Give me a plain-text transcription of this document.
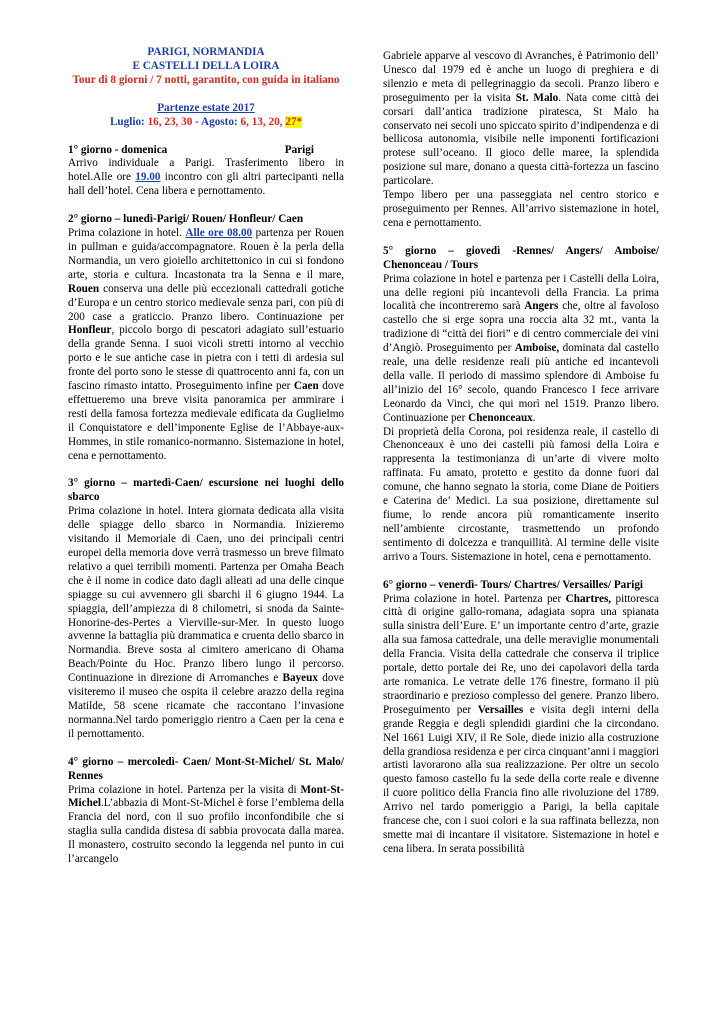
PARIGI, NORMANDIA

E CASTELLI DELLA LOIRA

Tour di 8 giorni / 7 notti, garantito, con guida in italiano

Partenze estate 2017

Luglio: 16, 23, 30 - Agosto: 6, 13, 20, 27*

1° giorno - domenica	Parigi

Arrivo individuale a Parigi. Trasferimento libero in hotel.Alle ore 19.00 incontro con gli altri partecipanti nella hall dell’hotel. Cena libera e pernottamento.

2° giorno – lunedì-Parigi/ Rouen/ Honfleur/ Caen

Prima colazione in hotel. Alle ore 08.00 partenza per Rouen in pullman e guida/accompagnatore. Rouen è la perla della Normandia, un vero gioiello architettonico in cui si fondono arte, storia e cultura. Incastonata tra la Senna e il mare, Rouen conserva una delle più eccezionali cattedrali gotiche d’Europa e un centro storico medievale senza pari, con più di 200 case a graticcio. Pranzo libero. Continuazione per Honfleur, piccolo borgo di pescatori adagiato sull’estuario della grande Senna. I suoi vicoli stretti intorno al vecchio porto e le sue antiche case in pietra con i tetti di ardesia sul fronte del porto sono le stesse di quattrocento anni fa, con un fascino rimasto intatto. Proseguimento infine per Caen dove effettueremo una breve visita panoramica per ammirare i resti della famosa fortezza medievale edificata da Guglielmo il Conquistatore e dell’imponente Eglise de l’Abbaye-aux-Hommes, in stile romanico-normanno. Sistemazione in hotel, cena e pernottamento.

3° giorno – martedì-Caen/ escursione nei luoghi dello sbarco

Prima colazione in hotel. Intera giornata dedicata alla visita delle spiagge dello sbarco in Normandia. Inizieremo visitando il Memoriale di Caen, uno dei principali centri europei della memoria dove verrà trasmesso un breve filmato relativo a quei terribili momenti. Partenza per Omaha Beach che è il nome in codice dato dagli alleati ad una delle cinque spiagge su cui avvennero gli sbarchi il 6 giugno 1944. La spiaggia, dell’ampiezza di 8 chilometri, si snoda da Sainte-Honorine-des-Pertes a Vierville-sur-Mer. In questo luogo avvenne la battaglia più drammatica e cruenta dello sbarco in Normandia. Breve sosta al cimitero americano di Ohama Beach/Pointe du Hoc. Pranzo libero lungo il percorso. Continuazione in direzione di Arromanches e Bayeux dove visiteremo il museo che ospita il celebre arazzo della regina Matilde, 58 scene ricamate che raccontano l’invasione normanna.Nel tardo pomeriggio rientro a Caen per la cena e il pernottamento.

4° giorno – mercoledì- Caen/ Mont-St-Michel/ St. Malo/ Rennes

Prima colazione in hotel. Partenza per la visita di Mont-St-Michel.L’abbazia di Mont-St-Michel è forse l’emblema della Francia del nord, con il suo profilo inconfondibile che si staglia sulla candida distesa di sabbia provocata dalla marea. Il monastero, costruito secondo la leggenda nel punto in cui l’arcangelo

Gabriele apparve al vescovo di Avranches, è Patrimonio dell’ Unesco dal 1979 ed è anche un luogo di preghiera e di silenzio e meta di pellegrinaggio da secoli. Pranzo libero e proseguimento per la visita St. Malo. Nata come città dei corsari dall’antica tradizione piratesca, St Malo ha conservato nei secoli uno spiccato spirito d’indipendenza e di bellicosa autonomia, visibile nelle imponenti fortificazioni protese sull’oceano. Il gioco delle maree, la splendida posizione sul mare, donano a questa città-fortezza un fascino particolare.

Tempo libero per una passeggiata nel centro storico e proseguimento per Rennes. All’arrivo sistemazione in hotel, cena e pernottamento.

5° giorno – giovedì -Rennes/ Angers/ Amboise/ Chenonceau / Tours

Prima colazione in hotel e partenza per i Castelli della Loira, una delle regioni più incantevoli della Francia. La prima località che incontreremo sarà Angers che, oltre al favoloso castello che si erge sopra una roccia alta 32 mt., vanta la tradizione di “città dei fiori” e di centro commerciale dei vini d’Angiò. Proseguimento per Amboise, dominata dal castello reale, una delle residenze reali più antiche ed incantevoli della valle. Il periodo di massimo splendore di Amboise fu all’inizio del 16° secolo, quando Francesco I fece arrivare Leonardo da Vinci, che qui morì nel 1519. Pranzo libero. Continuazione per Chenonceaux.

Di proprietà della Corona, poi residenza reale, il castello di Chenonceaux è uno dei castelli più famosi della Loira e rappresenta la testimonianza di un’arte di vivere molto raffinata. Fu amato, protetto e gestito da donne fuori dal comune, che hanno segnato la storia, come Diane de Poitiers e Caterina de’ Medici. La sua posizione, direttamente sul fiume, lo rende ancora più romanticamente inserito nell’ambiente circostante, trasmettendo un profondo sentimento di dolcezza e tranquillità. Al termine delle visite arrivo a Tours. Sistemazione in hotel, cena e pernottamento.

6° giorno – venerdì- Tours/ Chartres/ Versailles/ Parigi

Prima colazione in hotel. Partenza per Chartres, pittoresca città di origine gallo-romana, adagiata sopra una spianata sulla sinistra dell’Eure. E’ un importante centro d’arte, grazie alla sua famosa cattedrale, una delle meraviglie monumentali della Francia. Visita della cattedrale che conserva il triplice portale, detto portale dei Re, uno dei capolavori della tarda arte romanica. Le vetrate delle 176 finestre, formano il più straordinario e prezioso complesso del genere. Pranzo libero. Proseguimento per Versailles e visita degli interni della grande Reggia e degli splendidi giardini che la circondano. Nel 1661 Luigi XIV, il Re Sole, diede inizio alla costruzione della grandiosa residenza e per circa cinquant’anni i maggiori artisti lavorarono alla sua realizzazione. Per oltre un secolo questo famoso castello fu la sede della corte reale e divenne il cuore politico della Francia fino alle rivoluzione del 1789. Arrivo nel tardo pomeriggio a Parigi, la bella capitale francese che, con i suoi colori e la sua raffinata bellezza, non smette mai di incantare il visitatore. Sistemazione in hotel e cena libera. In serata possibilità
